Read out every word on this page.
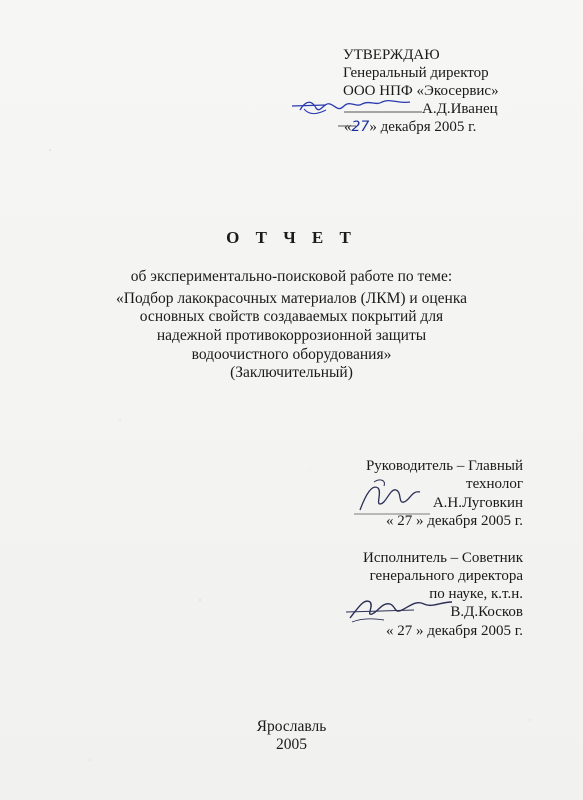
УТВЕРЖДАЮ
Генеральный директор
ООО НПФ «Экосервис»
А.Д.Иванец
«27» декабря 2005 г.
О Т Ч Е Т
об экспериментально-поисковой работе по теме:
«Подбор лакокрасочных материалов (ЛКМ) и оценка
основных свойств создаваемых покрытий для
надежной противокоррозионной защиты
водоочистного оборудования»
(Заключительный)
Руководитель – Главный
технолог
А.Н.Луговкин
« 27 » декабря 2005 г.
Исполнитель – Советник
генерального директора
по науке, к.т.н.
В.Д.Косков
« 27 » декабря 2005 г.
Ярославль
2005
